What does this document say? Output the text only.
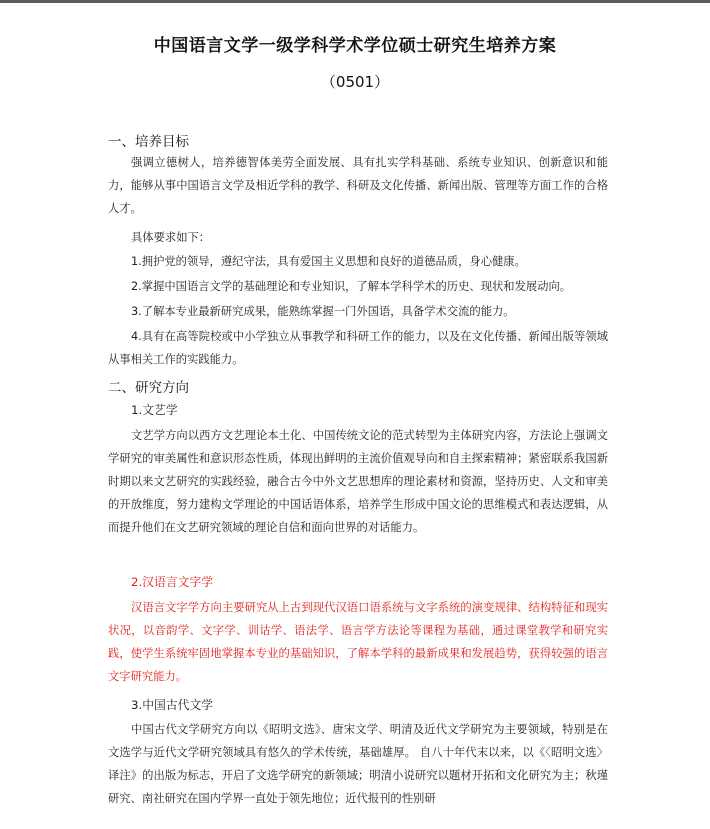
中国语言文学一级学科学术学位硕士研究生培养方案
（0501）

一、培养目标

强调立德树人，培养德智体美劳全面发展、具有扎实学科基础、系统专业知识、创新意识和能力，能够从事中国语言文学及相近学科的教学、科研及文化传播、新闻出版、管理等方面工作的合格人才。

具体要求如下：

1.拥护党的领导，遵纪守法，具有爱国主义思想和良好的道德品质，身心健康。

2.掌握中国语言文学的基础理论和专业知识，了解本学科学术的历史、现状和发展动向。

3.了解本专业最新研究成果，能熟练掌握一门外国语，具备学术交流的能力。

4.具有在高等院校或中小学独立从事教学和科研工作的能力，以及在文化传播、新闻出版等领域从事相关工作的实践能力。

二、研究方向

1.文艺学

文艺学方向以西方文艺理论本土化、中国传统文论的范式转型为主体研究内容，方法论上强调文学研究的审美属性和意识形态性质，体现出鲜明的主流价值观导向和自主探索精神；紧密联系我国新时期以来文艺研究的实践经验，融合古今中外文艺思想库的理论素材和资源，坚持历史、人文和审美的开放维度，努力建构文学理论的中国话语体系，培养学生形成中国文论的思维模式和表达逻辑，从而提升他们在文艺研究领域的理论自信和面向世界的对话能力。

2.汉语言文字学

汉语言文字学方向主要研究从上古到现代汉语口语系统与文字系统的演变规律、结构特征和现实状况，以音韵学、文字学、训诂学、语法学、语言学方法论等课程为基础，通过课堂教学和研究实践，使学生系统牢固地掌握本专业的基础知识，了解本学科的最新成果和发展趋势，获得较强的语言文字研究能力。

3.中国古代文学

中国古代文学研究方向以《昭明文选》、唐宋文学、明清及近代文学研究为主要领域，特别是在文选学与近代文学研究领域具有悠久的学术传统，基础雄厚。 自八十年代末以来，以《〈昭明文选〉译注》的出版为标志，开启了文选学研究的新领域；明清小说研究以题材开拓和文化研究为主；秋瑾研究、南社研究在国内学界一直处于领先地位；近代报刊的性别研
